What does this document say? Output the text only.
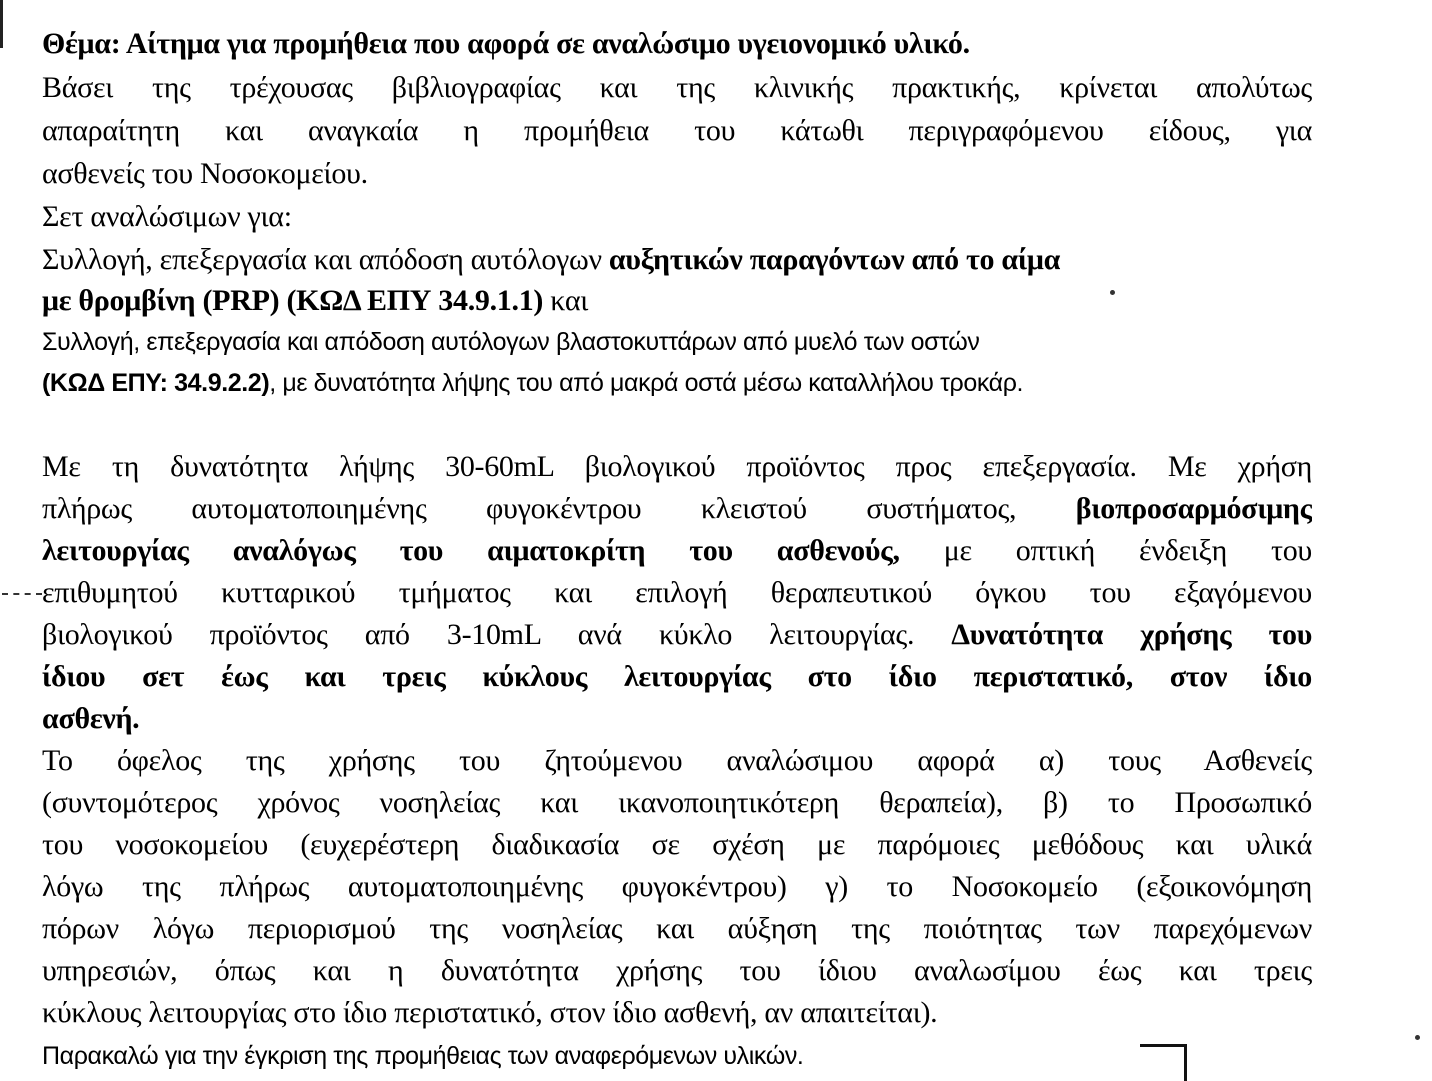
Θέμα: Αίτημα για προμήθεια που αφορά σε αναλώσιμο υγειονομικό υλικό.
Βάσει της τρέχουσας βιβλιογραφίας και της κλινικής πρακτικής, κρίνεται απολύτως
απαραίτητη και αναγκαία η προμήθεια του κάτωθι περιγραφόμενου είδους, για
ασθενείς του Νοσοκομείου.
Σετ αναλώσιμων για:
Συλλογή, επεξεργασία και απόδοση αυτόλογων αυξητικών παραγόντων από το αίμα
με θρομβίνη (PRP) (ΚΩΔ ΕΠΥ 34.9.1.1) και
Συλλογή, επεξεργασία και απόδοση αυτόλογων βλαστοκυττάρων από μυελό των οστών
(ΚΩΔ ΕΠΥ: 34.9.2.2), με δυνατότητα λήψης του από μακρά οστά μέσω καταλλήλου τροκάρ.
Με τη δυνατότητα λήψης 30-60mL βιολογικού προϊόντος προς επεξεργασία. Με χρήση
πλήρως αυτοματοποιημένης φυγοκέντρου κλειστού συστήματος, βιοπροσαρμόσιμης
λειτουργίας αναλόγως του αιματοκρίτη του ασθενούς, με οπτική ένδειξη του
επιθυμητού κυτταρικού τμήματος και επιλογή θεραπευτικού όγκου του εξαγόμενου
βιολογικού προϊόντος από 3-10mL ανά κύκλο λειτουργίας. Δυνατότητα χρήσης του
ίδιου σετ έως και τρεις κύκλους λειτουργίας στο ίδιο περιστατικό, στον ίδιο
ασθενή.
Το όφελος της χρήσης του ζητούμενου αναλώσιμου αφορά α) τους Ασθενείς
(συντομότερος χρόνος νοσηλείας και ικανοποιητικότερη θεραπεία), β) το Προσωπικό
του νοσοκομείου (ευχερέστερη διαδικασία σε σχέση με παρόμοιες μεθόδους και υλικά
λόγω της πλήρως αυτοματοποιημένης φυγοκέντρου) γ) το Νοσοκομείο (εξοικονόμηση
πόρων λόγω περιορισμού της νοσηλείας και αύξηση της ποιότητας των παρεχόμενων
υπηρεσιών, όπως και η δυνατότητα χρήσης του ίδιου αναλωσίμου έως και τρεις
κύκλους λειτουργίας στο ίδιο περιστατικό, στον ίδιο ασθενή, αν απαιτείται).
Παρακαλώ για την έγκριση της προμήθειας των αναφερόμενων υλικών.
